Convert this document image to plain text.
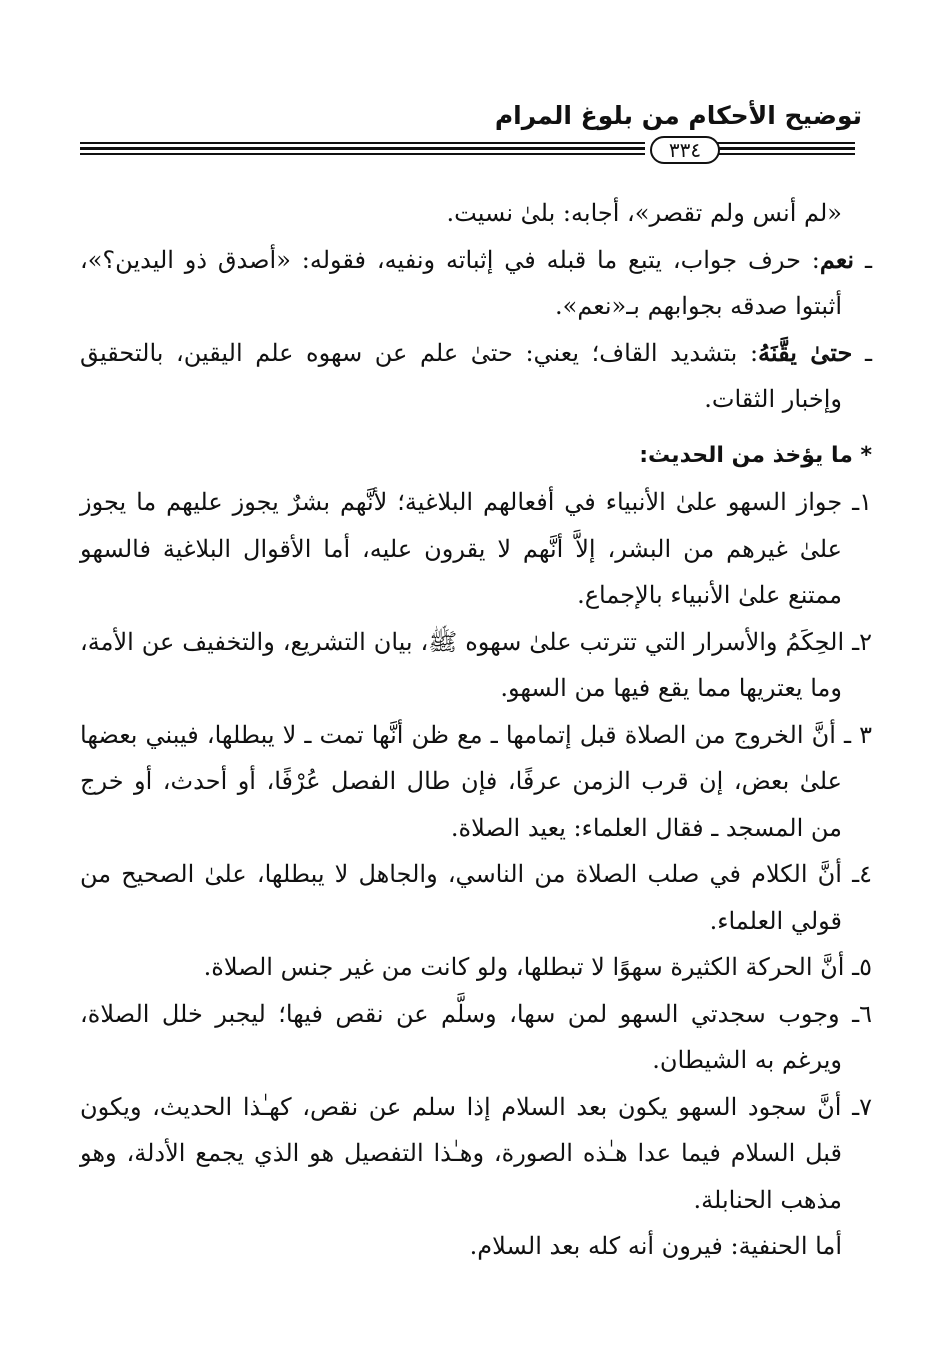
توضيح الأحكام من بلوغ المرام
٣٣٤

«لم أنس ولم تقصر»، أجابه: بلىٰ نسيت.

ـ نعم: حرف جواب، يتبع ما قبله في إثباته ونفيه، فقوله: «أصدق ذو اليدين؟»، أثبتوا صدقه بجوابهم بـ«نعم».

ـ حتىٰ يقَّنَهُ: بتشديد القاف؛ يعني: حتىٰ علم عن سهوه علم اليقين، بالتحقيق وإخبار الثقات.

* ما يؤخذ من الحديث:

١ـ جواز السهو علىٰ الأنبياء في أفعالهم البلاغية؛ لأنَّهم بشرٌ يجوز عليهم ما يجوز علىٰ غيرهم من البشر، إلاَّ أنَّهم لا يقرون عليه، أما الأقوال البلاغية فالسهو ممتنع علىٰ الأنبياء بالإجماع.

٢ـ الحِكَمُ والأسرار التي تترتب علىٰ سهوه ﷺ، بيان التشريع، والتخفيف عن الأمة، وما يعتريها مما يقع فيها من السهو.

٣ ـ أنَّ الخروج من الصلاة قبل إتمامها ـ مع ظن أنَّها تمت ـ لا يبطلها، فيبني بعضها علىٰ بعض، إن قرب الزمن عرفًا، فإن طال الفصل عُرْفًا، أو أحدث، أو خرج من المسجد ـ فقال العلماء: يعيد الصلاة.

٤ـ أنَّ الكلام في صلب الصلاة من الناسي، والجاهل لا يبطلها، علىٰ الصحيح من قولي العلماء.

٥ـ أنَّ الحركة الكثيرة سهوًا لا تبطلها، ولو كانت من غير جنس الصلاة.

٦ـ وجوب سجدتي السهو لمن سها، وسلَّم عن نقص فيها؛ ليجبر خلل الصلاة، ويرغم به الشيطان.

٧ـ أنَّ سجود السهو يكون بعد السلام إذا سلم عن نقص، كهـٰذا الحديث، ويكون قبل السلام فيما عدا هـٰذه الصورة، وهـٰذا التفصيل هو الذي يجمع الأدلة، وهو مذهب الحنابلة.

أما الحنفية: فيرون أنه كله بعد السلام.
